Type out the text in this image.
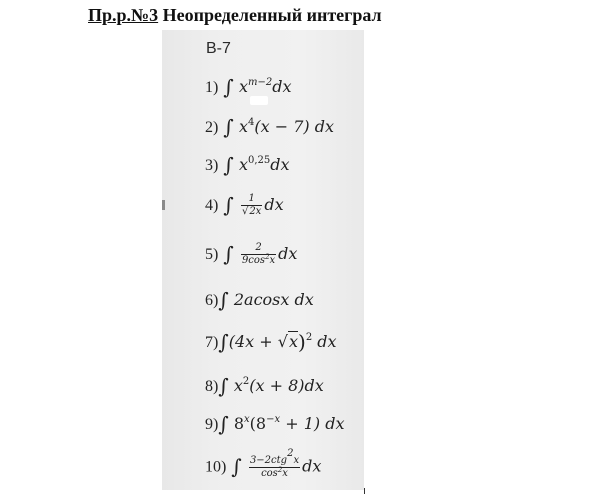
Пр.р.№3 Неопределенный интеграл
В-7
1) ∫ $x^{m-2}dx$
2) ∫ $x^4(x - 7)$ dx
3) ∫ $x^{0,25}dx$
4) ∫ $\frac{1}{√2x}$ dx
5) ∫ $\frac{2}{9\cos^2x}$ dx
6)∫ 2acosx dx
$7)\int(4x + √x)^2$ dx
8)∫ $x^2(x + 8)dx$
9)∫ $8^x(8^{-x} + 1)$ dx
10) ∫ $\frac{3-2ctg^2x}{\cos^2x}$ dx
